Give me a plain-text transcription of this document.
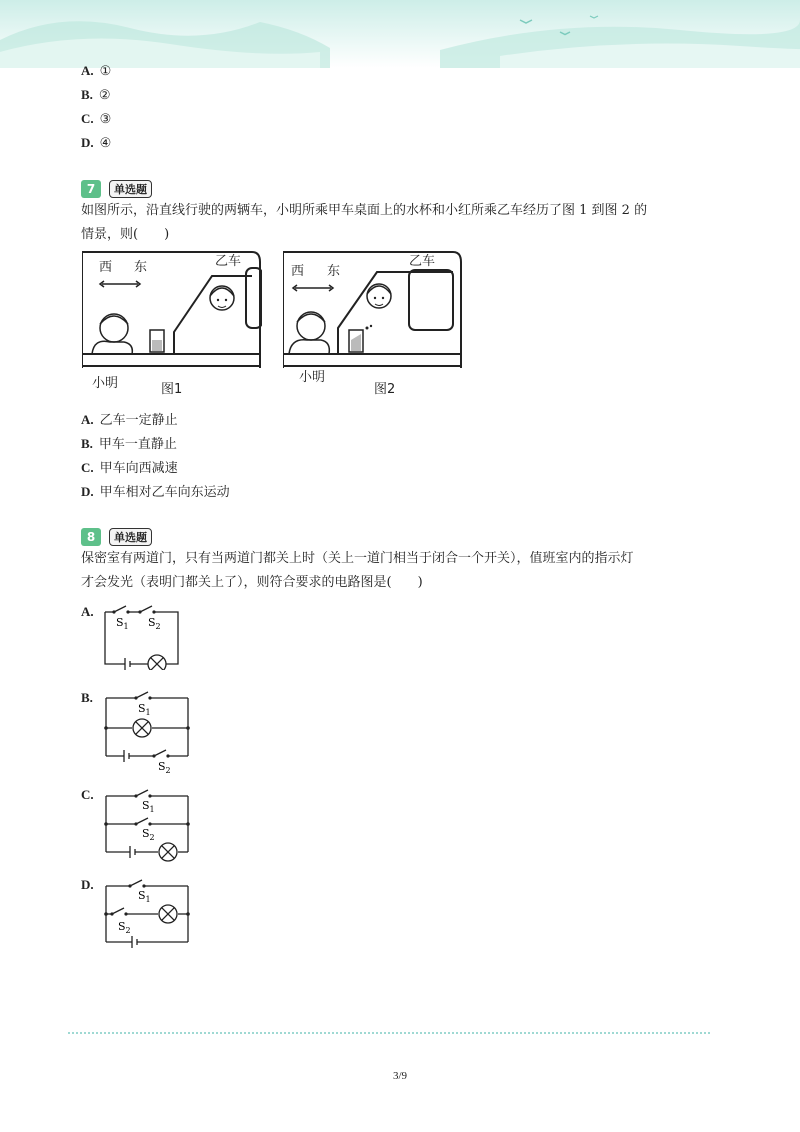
A. ①
B. ②
C. ③
D. ④
7	单选题
如图所示，沿直线行驶的两辆车，小明所乘甲车桌面上的水杯和小红所乘乙车经历了图 1 到图 2 的
情景，则(　　)
西 东	乙车
小明	图1
西 东
乙车
小明
图2
A. 乙车一定静止
B. 甲车一直静止
C. 甲车向西减速
D. 甲车相对乙车向东运动
8	单选题
保密室有两道门，只有当两道门都关上时（关上一道门相当于闭合一个开关），值班室内的指示灯
才会发光（表明门都关上了），则符合要求的电路图是(　　)
A.
$S_1$ $S_2$
B.
$S_1$
$S_2$
C.
$S_1$
$S_2$
D.
$S_1$
$S_2$
3/9
